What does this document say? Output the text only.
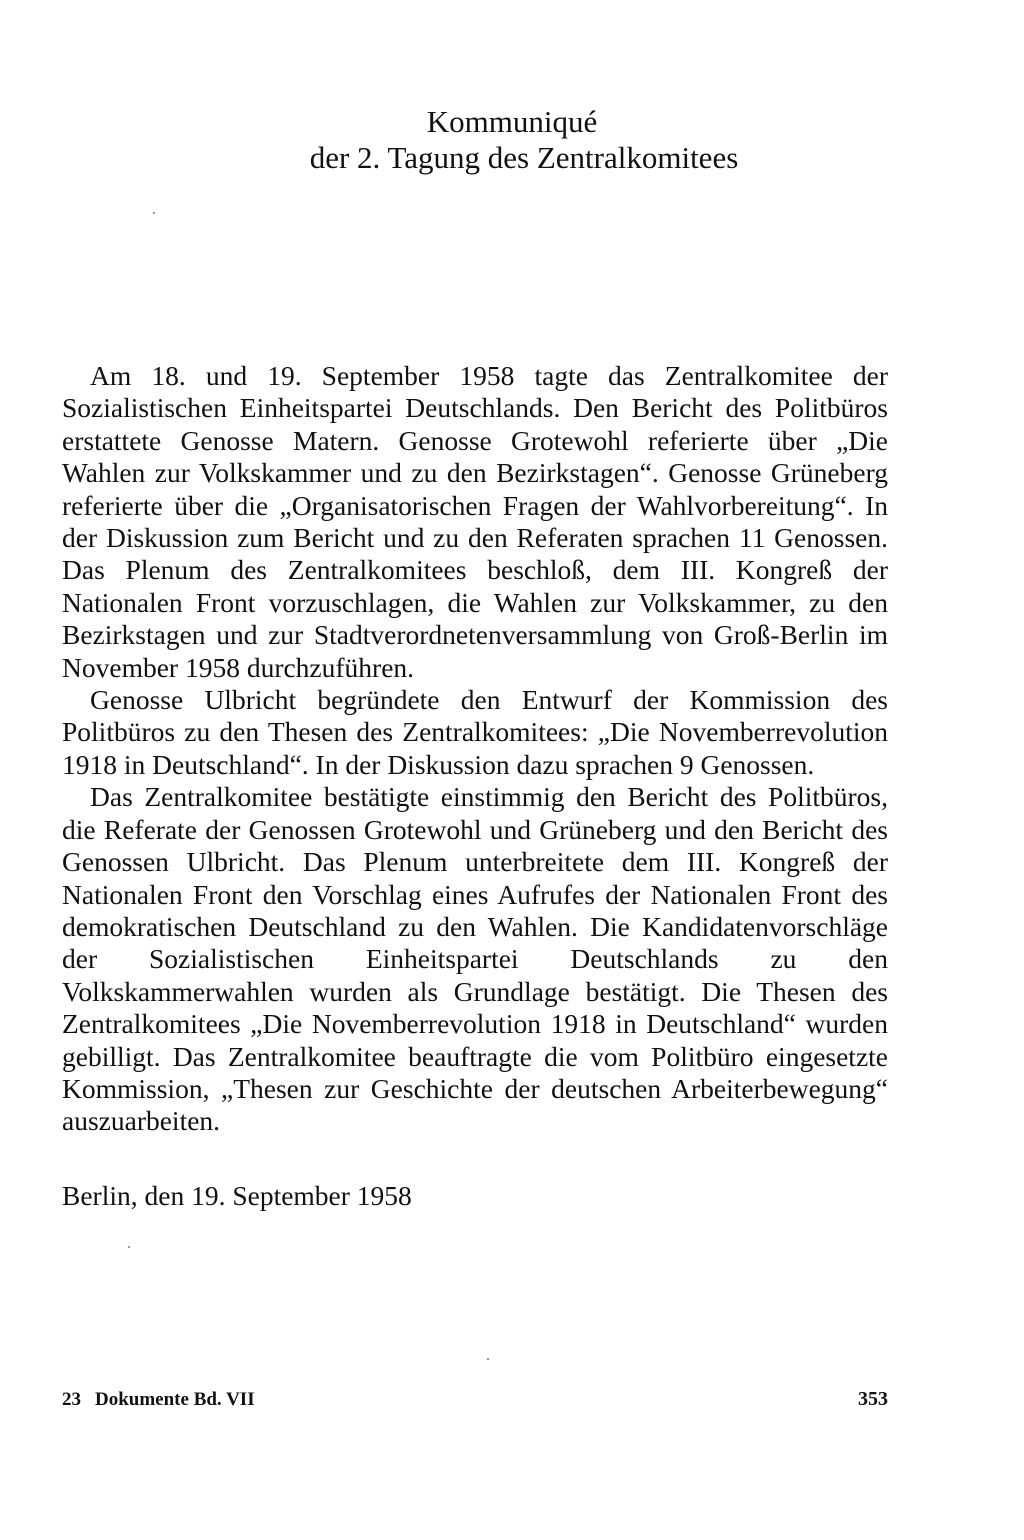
Kommuniqué
der 2. Tagung des Zentralkomitees

Am 18. und 19. September 1958 tagte das Zentralkomitee der Sozialistischen Einheitspartei Deutschlands. Den Bericht des Politbüros erstattete Genosse Matern. Genosse Grotewohl referierte über „Die Wahlen zur Volkskammer und zu den Bezirkstagen“. Genosse Grüneberg referierte über die „Organisatorischen Fragen der Wahlvorbereitung“. In der Diskussion zum Bericht und zu den Referaten sprachen 11 Genossen. Das Plenum des Zentralkomitees beschloß, dem III. Kongreß der Nationalen Front vorzuschlagen, die Wahlen zur Volkskammer, zu den Bezirkstagen und zur Stadtverordnetenversammlung von Groß-Berlin im November 1958 durchzuführen.

Genosse Ulbricht begründete den Entwurf der Kommission des Politbüros zu den Thesen des Zentralkomitees: „Die Novemberrevolution 1918 in Deutschland“. In der Diskussion dazu sprachen 9 Genossen.

Das Zentralkomitee bestätigte einstimmig den Bericht des Politbüros, die Referate der Genossen Grotewohl und Grüneberg und den Bericht des Genossen Ulbricht. Das Plenum unterbreitete dem III. Kongreß der Nationalen Front den Vorschlag eines Aufrufes der Nationalen Front des demokratischen Deutschland zu den Wahlen. Die Kandidatenvorschläge der Sozialistischen Einheitspartei Deutschlands zu den Volkskammerwahlen wurden als Grundlage bestätigt. Die Thesen des Zentralkomitees „Die Novemberrevolution 1918 in Deutschland“ wurden gebilligt. Das Zentralkomitee beauftragte die vom Politbüro eingesetzte Kommission, „Thesen zur Geschichte der deutschen Arbeiterbewegung“ auszuarbeiten.

Berlin, den 19. September 1958
23 Dokumente Bd. VII	353
